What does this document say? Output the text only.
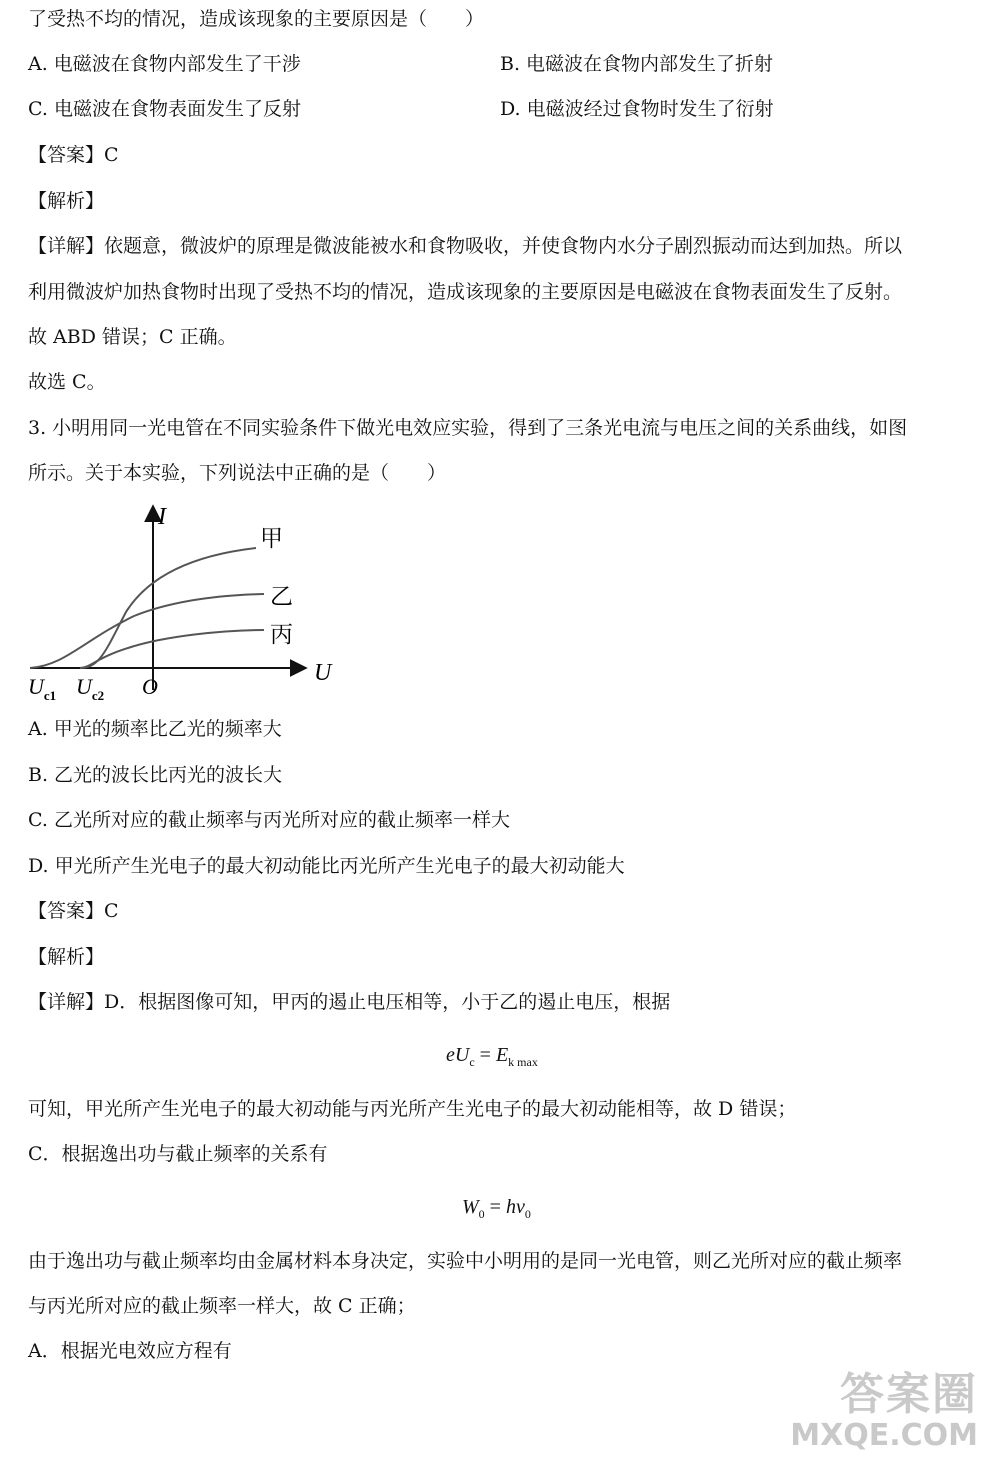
了受热不均的情况，造成该现象的主要原因是（　　）
A. 电磁波在食物内部发生了干涉	B. 电磁波在食物内部发生了折射
C. 电磁波在食物表面发生了反射	D. 电磁波经过食物时发生了衍射
【答案】C
【解析】
【详解】依题意，微波炉的原理是微波能被水和食物吸收，并使食物内水分子剧烈振动而达到加热。所以
利用微波炉加热食物时出现了受热不均的情况，造成该现象的主要原因是电磁波在食物表面发生了反射。
故 ABD 错误；C 正确。
故选 C。
3. 小明用同一光电管在不同实验条件下做光电效应实验，得到了三条光电流与电压之间的关系曲线，如图
所示。关于本实验，下列说法中正确的是（　　）
I
U
O
$U_{c1}$ $U_{c2}$
甲
乙
丙
A. 甲光的频率比乙光的频率大
B. 乙光的波长比丙光的波长大
C. 乙光所对应的截止频率与丙光所对应的截止频率一样大
D. 甲光所产生光电子的最大初动能比丙光所产生光电子的最大初动能大
【答案】C
【解析】
【详解】D．根据图像可知，甲丙的遏止电压相等，小于乙的遏止电压，根据
$eU_c = E_{k max}$
可知，甲光所产生光电子的最大初动能与丙光所产生光电子的最大初动能相等，故 D 错误；
C．根据逸出功与截止频率的关系有
$W_0 = h\nu_0$
由于逸出功与截止频率均由金属材料本身决定，实验中小明用的是同一光电管，则乙光所对应的截止频率
与丙光所对应的截止频率一样大，故 C 正确；
A．根据光电效应方程有
答案圈
MXQE.COM
